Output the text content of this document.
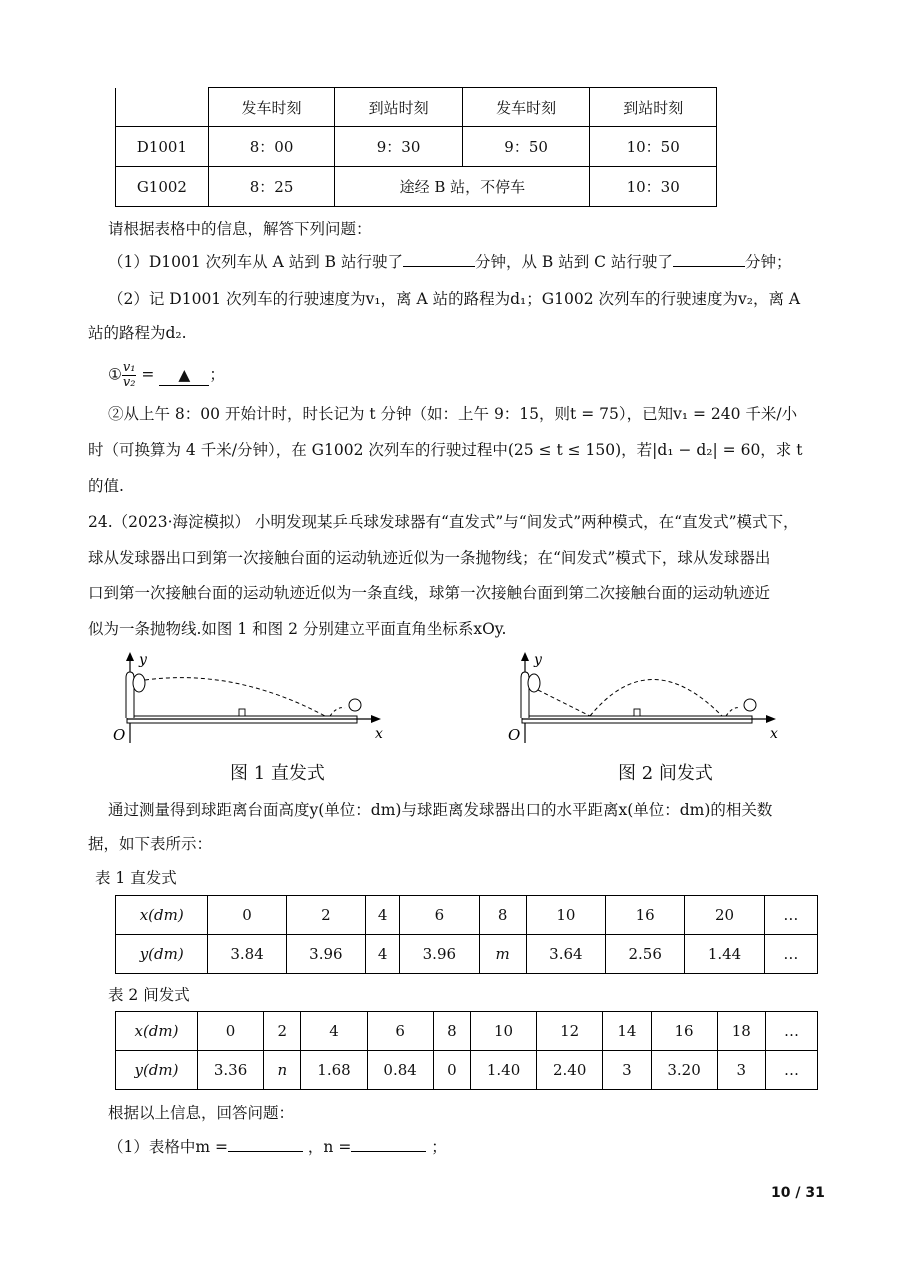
	发车时刻	到站时刻	发车时刻	到站时刻
D1001	8：00	9：30	9：50	10：50
G1002	8：25	途经 B 站，不停车		10：30
请根据表格中的信息，解答下列问题：
（1）D1001 次列车从 A 站到 B 站行驶了	分钟，从 B 站到 C 站行驶了	分钟；
（2）记 D1001 次列车的行驶速度为v₁，离 A 站的路程为d₁；G1002 次列车的行驶速度为v₂，离 A
站的路程为d₂.
① $\frac{\text{v₁}}{\text{v₂}}$ = ▲ ；
②从上午 8：00 开始计时，时长记为 t 分钟（如：上午 9：15，则t = 75），已知v₁ = 240 千米/小
时（可换算为 4 千米/分钟），在 G1002 次列车的行驶过程中(25 ≤ t ≤ 150)，若|d₁ − d₂| = 60，求 t
的值.
24.（2023·海淀模拟） 小明发现某乒乓球发球器有“直发式”与“间发式”两种模式，在“直发式”模式下，
球从发球器出口到第一次接触台面的运动轨迹近似为一条抛物线；在“间发式”模式下，球从发球器出
口到第一次接触台面的运动轨迹近似为一条直线，球第一次接触台面到第二次接触台面的运动轨迹近
似为一条抛物线.如图 1 和图 2 分别建立平面直角坐标系xOy.
y
x
O
图 1 直发式
y
x
O
图 2 间发式
通过测量得到球距离台面高度y(单位：dm)与球距离发球器出口的水平距离x(单位：dm)的相关数
据，如下表所示：
表 1 直发式
x(dm)	0	2	4	6	8	10	16	20	…
y(dm)	3.84	3.96	4	3.96	m	3.64	2.56	1.44	…
表 2 间发式
x(dm)	0	2	4	6	8	10	12	14	16	18	…
y(dm)	3.36	n	1.68	0.84	0	1.40	2.40	3	3.20	3	…
根据以上信息，回答问题：
（1）表格中m =	，n =	；
10 / 31
